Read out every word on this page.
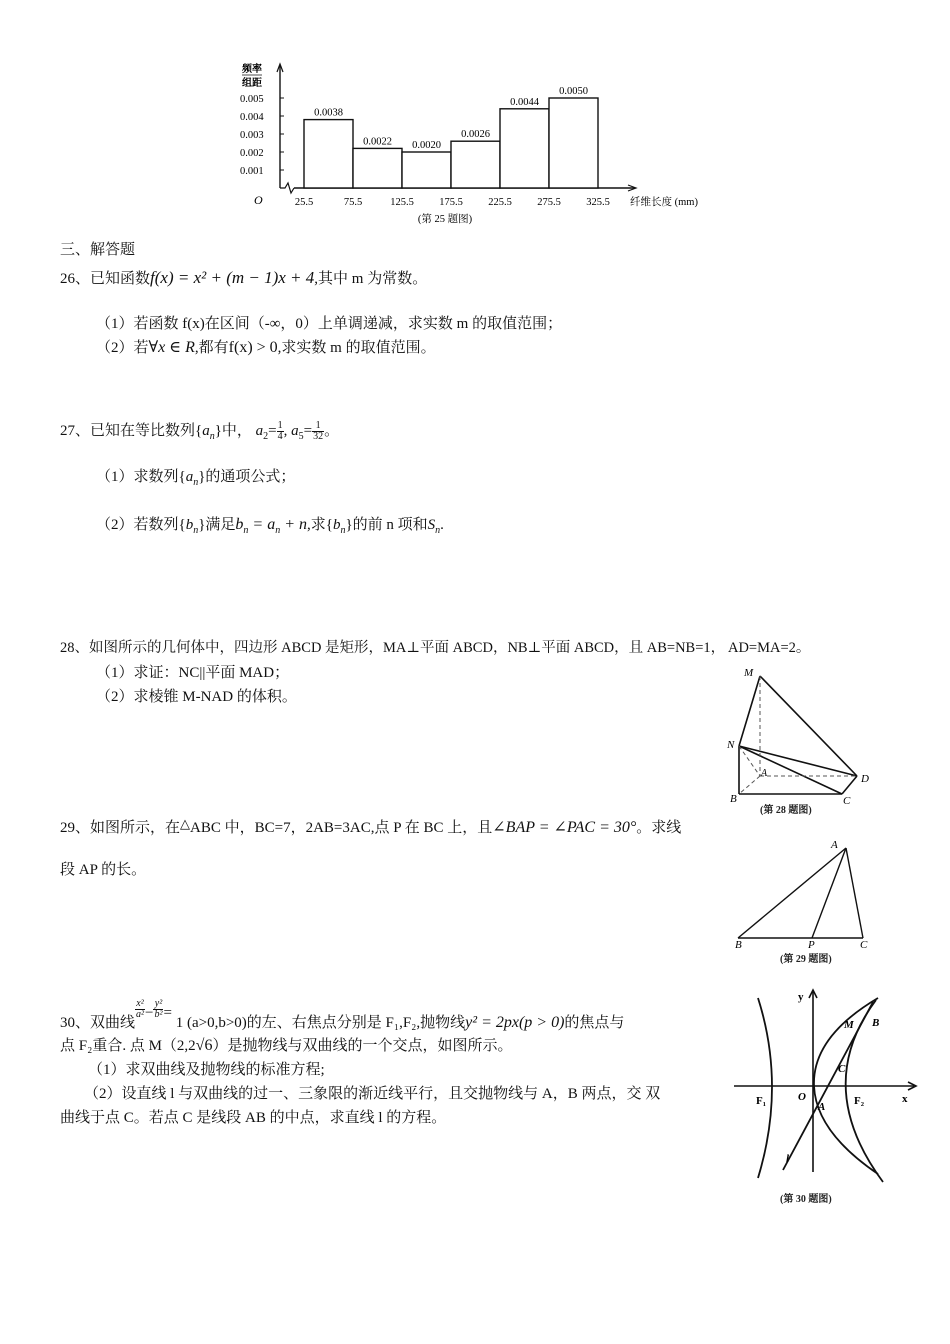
频率
组距
0.005
0.004
0.003
0.002
0.001
O
0.0038
0.0022 0.0020
0.0026
0.0044
0.0050
25.5	75.5	125.5 175.5 225.5 275.5 325.5 纤维长度 (mm)
(第 25 题图)
三、解答题
26、已知函数f(x) = x² + (m − 1)x + 4,其中 m 为常数。
（1）若函数 f(x)在区间（-∞，0）上单调递减，求实数 m 的取值范围；
（2）若∀x ∈ R,都有f(x) > 0,求实数 m 的取值范围。
27、已知在等比数列$\{a_n\}$中， $a_2= \frac{1}{4}$ , $a_5= \frac{1}{32}$ 。
（1）求数列$\{a_n\}$的通项公式；
（2）若数列$\{b_n\}$满足$b_n = a_n + n$,求$\{b_n\}$的前 n 项和$S_n$.
28、如图所示的几何体中，四边形 ABCD 是矩形，MA⊥平面 ABCD，NB⊥平面 ABCD，且 AB=NB=1， AD=MA=2。
（1）求证：NC||平面 MAD；
（2）求棱锥 M-NAD 的体积。
M
N
A
B	C
D
(第 28 题图)
29、如图所示，在△ABC 中，BC=7，2AB=3AC,点 P 在 BC 上，且∠BAP = ∠PAC = 30°。求线
段 AP 的长。
A
B	P	C
(第 29 题图)
30、双曲线
$\frac{\text{x²}}{\text{a²}} - \frac{\text{y²}}{\text{b²}} = 1$ (a>0,b>0)的左、右焦点分别是 F₁,F₂,抛物线y² = 2px(p > 0)的焦点与
点 F₂重合. 点 M（2,2√6）是抛物线与双曲线的一个交点，如图所示。
（1）求双曲线及抛物线的标准方程;
（2）设直线 l 与双曲线的过一、三象限的渐近线平行，且交抛物线与 A，B 两点，交 双
曲线于点 C。若点 C 是线段 AB 的中点，求直线 l 的方程。
y
x
M B
C
F₁	O
A	F₂
l
(第 30 题图)
